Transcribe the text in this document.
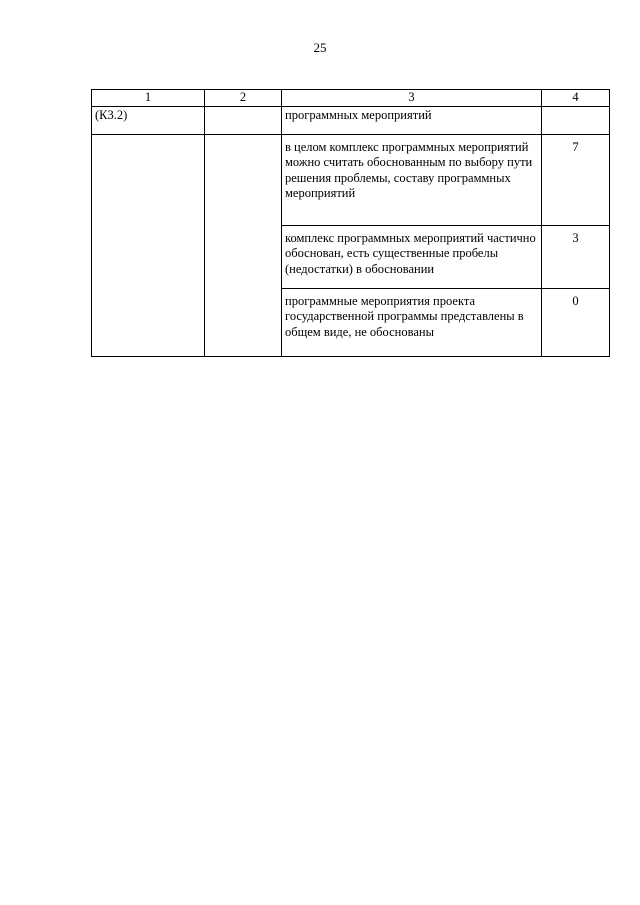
25
1	2	3	4
(К3.2)		программных мероприятий	
		в целом комплекс программных мероприятий можно считать обоснованным по выбору пути решения проблемы, составу программных мероприятий	7
		комплекс программных мероприятий частично обоснован, есть существенные пробелы (недостатки) в обосновании	3
		программные мероприятия проекта государственной программы представлены в общем виде, не обоснованы	0
